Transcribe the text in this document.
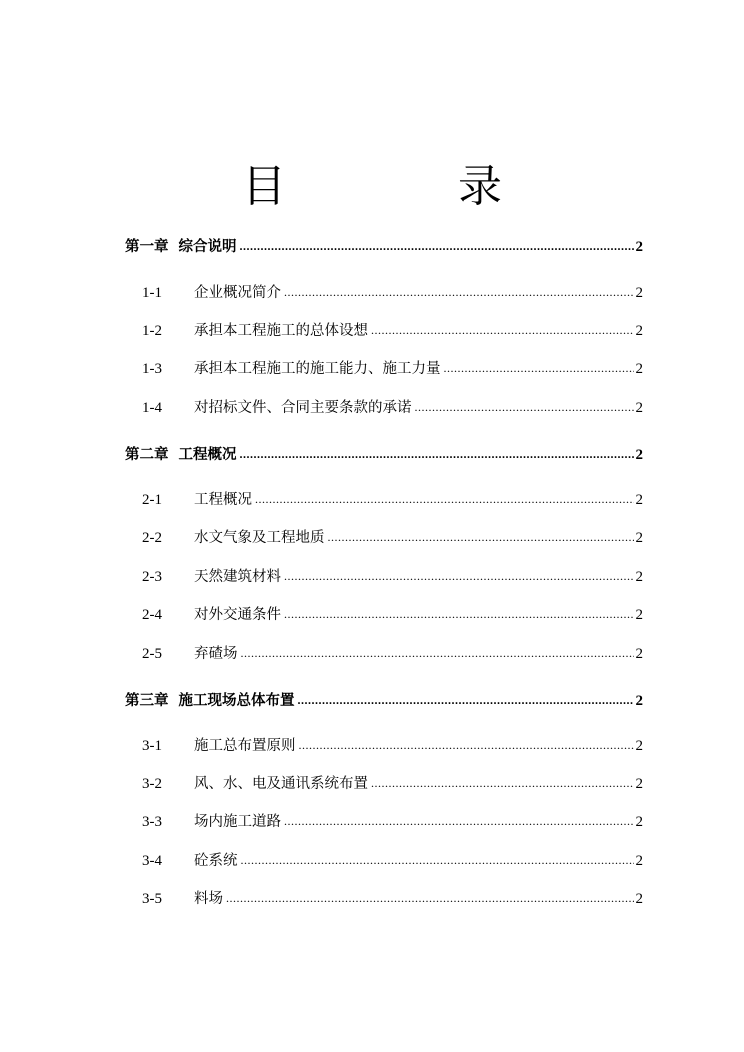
目　录
第一章 综合说明 .....	2
1-1	企业概况简介 .....	2
1-2	承担本工程施工的总体设想 .....	2
1-3	承担本工程施工的施工能力、施工力量 .....	2
1-4	对招标文件、合同主要条款的承诺 .....	2
第二章 工程概况 .....	2
2-1	工程概况 .....	2
2-2	水文气象及工程地质 .....	2
2-3	天然建筑材料 .....	2
2-4	对外交通条件 .....	2
2-5	弃碴场 .....	2
第三章 施工现场总体布置 .....	2
3-1	施工总布置原则 .....	2
3-2	风、水、电及通讯系统布置 .....	2
3-3	场内施工道路 .....	2
3-4	砼系统 .....	2
3-5	料场 .....	2
